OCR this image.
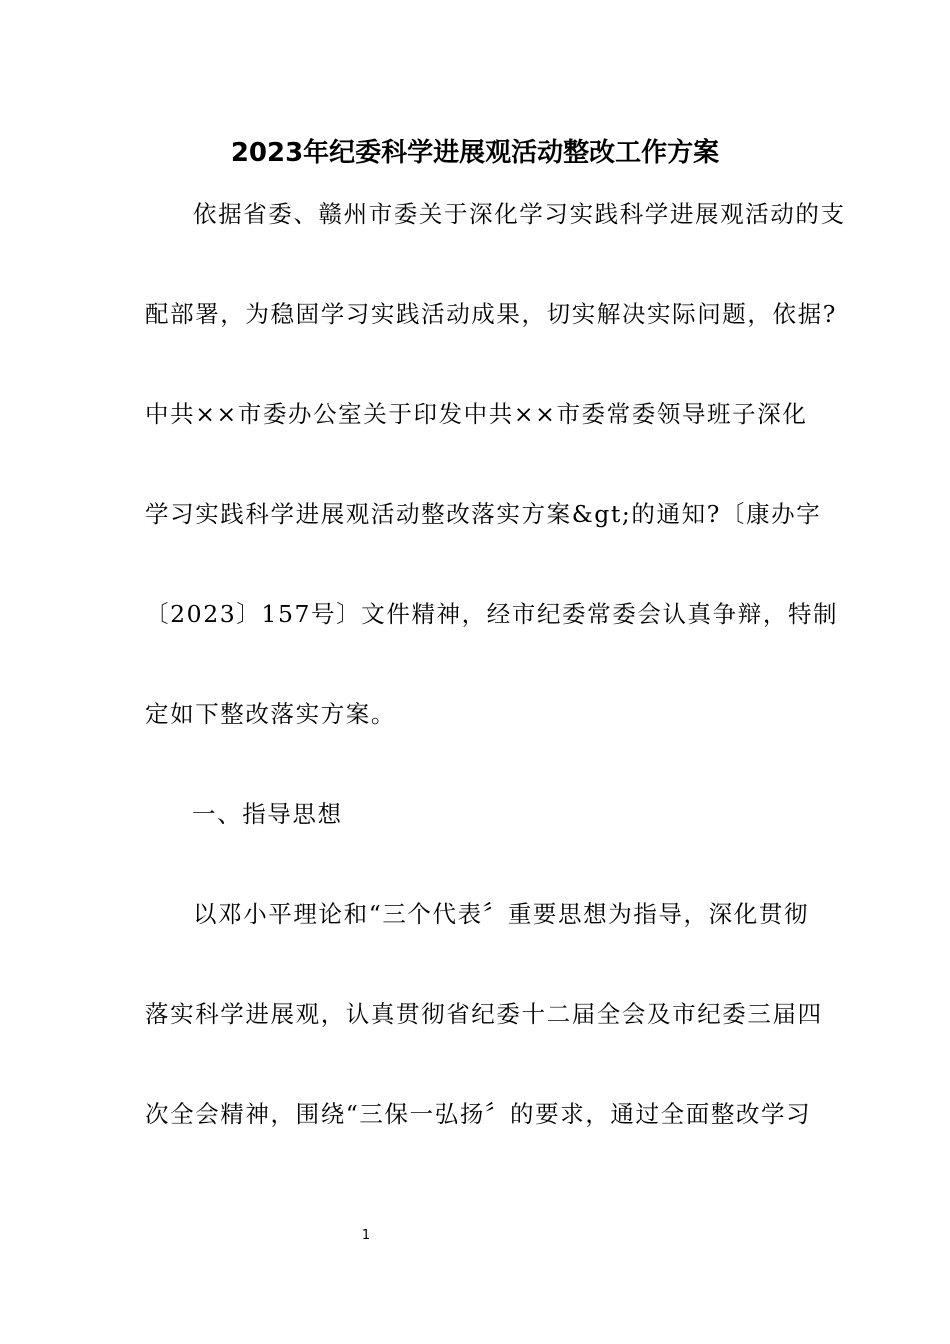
2023年纪委科学进展观活动整改工作方案
依据省委、赣州市委关于深化学习实践科学进展观活动的支
配部署，为稳固学习实践活动成果，切实解决实际问题，依据?
中共××市委办公室关于印发中共××市委常委领导班子深化
学习实践科学进展观活动整改落实方案&gt;的通知?〔康办字
〔2023〕157号〕文件精神，经市纪委常委会认真争辩，特制
定如下整改落实方案。
一、指导思想
以邓小平理论和“三个代表〞重要思想为指导，深化贯彻
落实科学进展观，认真贯彻省纪委十二届全会及市纪委三届四
次全会精神，围绕“三保一弘扬〞的要求，通过全面整改学习
1
